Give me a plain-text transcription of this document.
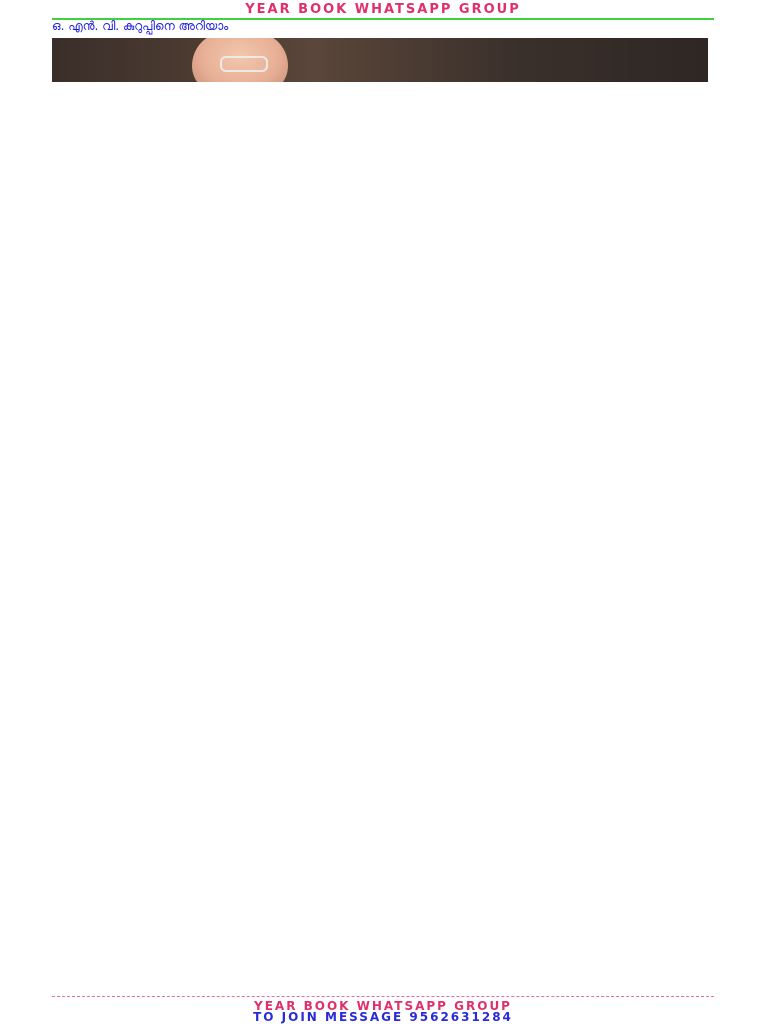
YEAR BOOK WHATSAPP GROUP
ഒ. എൻ. വി. കുറുപ്പിനെ അറിയാം
YEAR BOOK WHATSAPP GROUP
TO JOIN MESSAGE 9562631284
